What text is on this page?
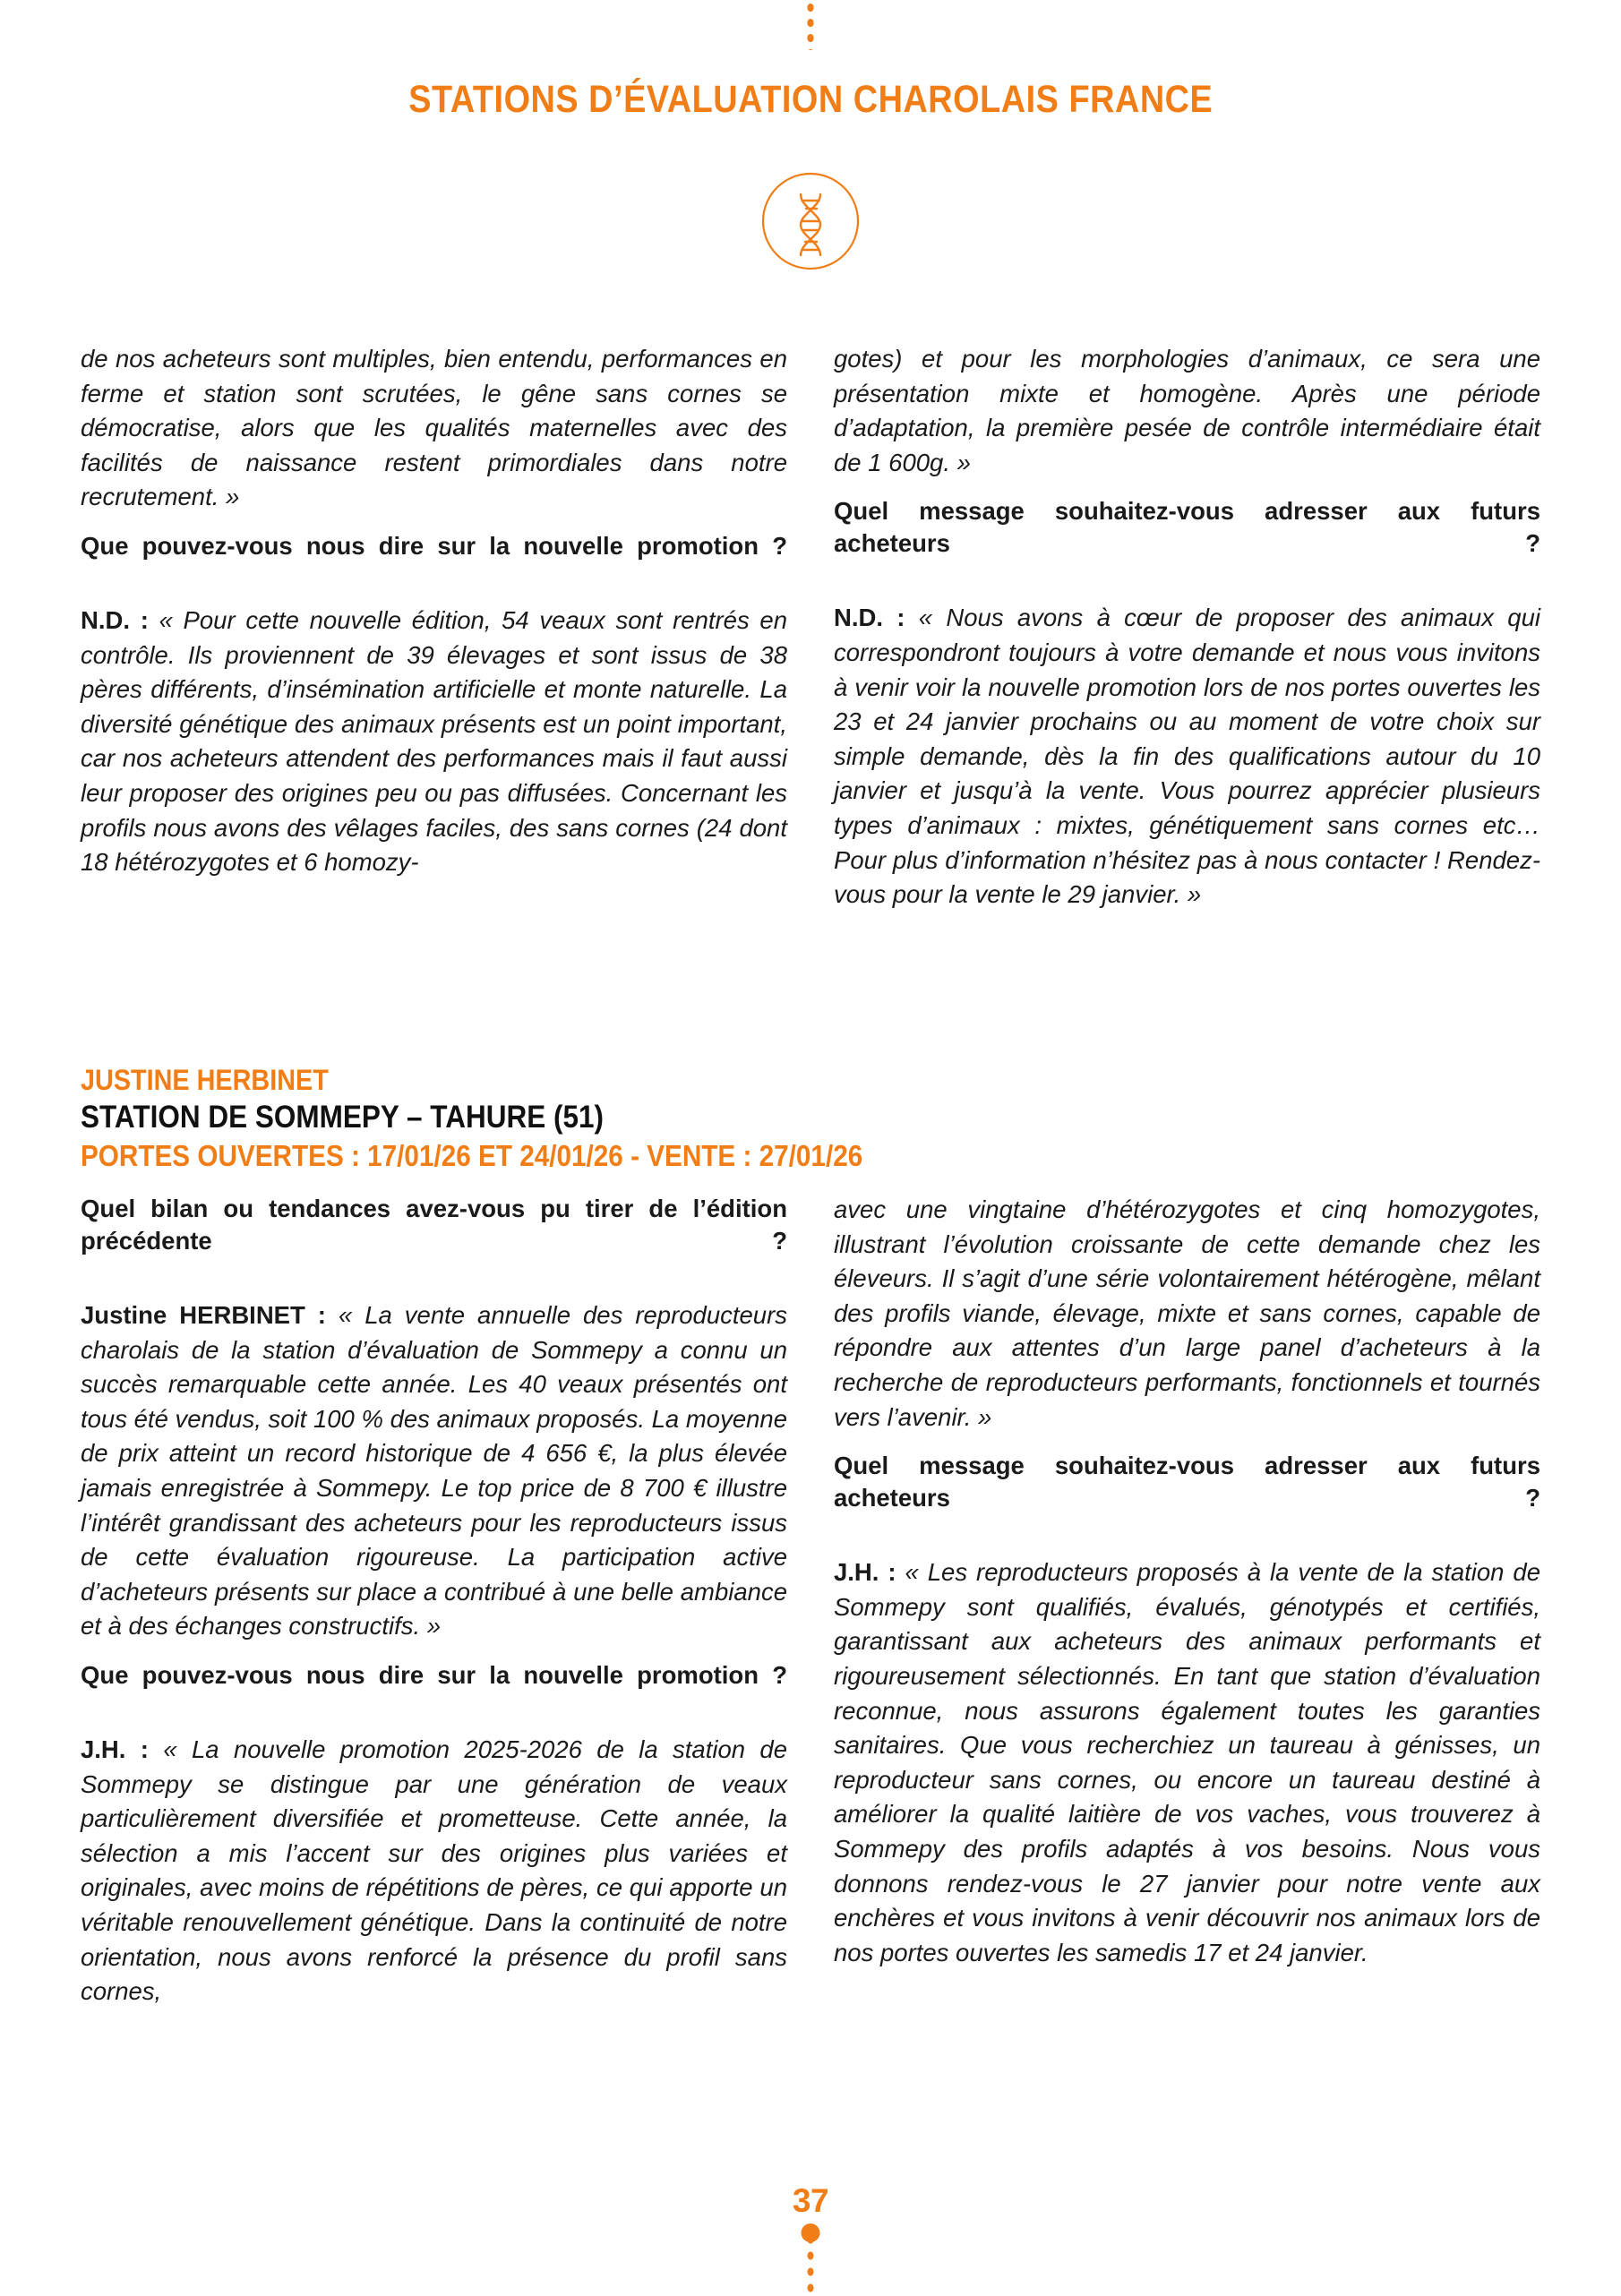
STATIONS D’ÉVALUATION CHAROLAIS FRANCE

de nos acheteurs sont multiples, bien entendu, performances en ferme et station sont scrutées, le gêne sans cornes se démocratise, alors que les qualités maternelles avec des facilités de naissance restent primordiales dans notre recrutement. »

Que pouvez-vous nous dire sur la nouvelle promotion ?

N.D. : « Pour cette nouvelle édition, 54 veaux sont rentrés en contrôle. Ils proviennent de 39 élevages et sont issus de 38 pères différents, d’insémination artificielle et monte naturelle. La diversité génétique des animaux présents est un point important, car nos acheteurs attendent des performances mais il faut aussi leur proposer des origines peu ou pas diffusées. Concernant les profils nous avons des vêlages faciles, des sans cornes (24 dont 18 hétérozygotes et 6 homozy-

gotes) et pour les morphologies d’animaux, ce sera une présentation mixte et homogène. Après une période d’adaptation, la première pesée de contrôle intermédiaire était de 1 600g. »

Quel message souhaitez-vous adresser aux futurs acheteurs ?

N.D. : « Nous avons à cœur de proposer des animaux qui correspondront toujours à votre demande et nous vous invitons à venir voir la nouvelle promotion lors de nos portes ouvertes les 23 et 24 janvier prochains ou au moment de votre choix sur simple demande, dès la fin des qualifications autour du 10 janvier et jusqu’à la vente. Vous pourrez apprécier plusieurs types d’animaux : mixtes, génétiquement sans cornes etc… Pour plus d’information n’hésitez pas à nous contacter ! Rendez-vous pour la vente le 29 janvier. »

JUSTINE HERBINET
STATION DE SOMMEPY – TAHURE (51)
PORTES OUVERTES : 17/01/26 ET 24/01/26 - VENTE : 27/01/26
Quel bilan ou tendances avez-vous pu tirer de l’édition précédente ?

Justine HERBINET : « La vente annuelle des reproducteurs charolais de la station d’évaluation de Sommepy a connu un succès remarquable cette année. Les 40 veaux présentés ont tous été vendus, soit 100 % des animaux proposés. La moyenne de prix atteint un record historique de 4 656 €, la plus élevée jamais enregistrée à Sommepy. Le top price de 8 700 € illustre l’intérêt grandissant des acheteurs pour les reproducteurs issus de cette évaluation rigoureuse. La participation active d’acheteurs présents sur place a contribué à une belle ambiance et à des échanges constructifs. »

Que pouvez-vous nous dire sur la nouvelle promotion ?

J.H. : « La nouvelle promotion 2025-2026 de la station de Sommepy se distingue par une génération de veaux particulièrement diversifiée et prometteuse. Cette année, la sélection a mis l’accent sur des origines plus variées et originales, avec moins de répétitions de pères, ce qui apporte un véritable renouvellement génétique. Dans la continuité de notre orientation, nous avons renforcé la présence du profil sans cornes,

avec une vingtaine d’hétérozygotes et cinq homozygotes, illustrant l’évolution croissante de cette demande chez les éleveurs. Il s’agit d’une série volontairement hétérogène, mêlant des profils viande, élevage, mixte et sans cornes, capable de répondre aux attentes d’un large panel d’acheteurs à la recherche de reproducteurs performants, fonctionnels et tournés vers l’avenir. »

Quel message souhaitez-vous adresser aux futurs acheteurs ?

J.H. : « Les reproducteurs proposés à la vente de la station de Sommepy sont qualifiés, évalués, génotypés et certifiés, garantissant aux acheteurs des animaux performants et rigoureusement sélectionnés. En tant que station d’évaluation reconnue, nous assurons également toutes les garanties sanitaires. Que vous recherchiez un taureau à génisses, un reproducteur sans cornes, ou encore un taureau destiné à améliorer la qualité laitière de vos vaches, vous trouverez à Sommepy des profils adaptés à vos besoins. Nous vous donnons rendez-vous le 27 janvier pour notre vente aux enchères et vous invitons à venir découvrir nos animaux lors de nos portes ouvertes les samedis 17 et 24 janvier.

37
